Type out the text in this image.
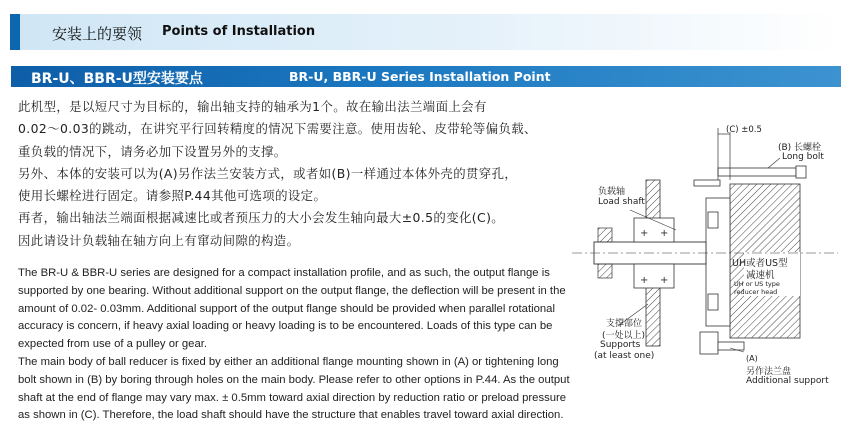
安装上的要领 Points of Installation
BR-U、BBR-U型安装要点	BR-U, BBR-U Series Installation Point

此机型，是以短尺寸为目标的，输出轴支持的轴承为1个。故在输出法兰端面上会有

0.02～0.03的跳动，在讲究平行回转精度的情况下需要注意。使用齿轮、皮带轮等偏负载、

重负载的情况下，请务必加下设置另外的支撑。

另外、本体的安装可以为(A)另作法兰安装方式，或者如(B)一样通过本体外壳的贯穿孔，

使用长螺栓进行固定。请参照P.44其他可选项的设定。

再者，输出轴法兰端面根据减速比或者预压力的大小会发生轴向最大±0.5的变化(C)。

因此请设计负载轴在轴方向上有窜动间隙的构造。

The BR-U & BBR-U series are designed for a compact installation profile, and as such, the output flange is

supported by one bearing. Without additional support on the output flange, the deflection will be present in the

amount of 0.02- 0.03mm. Additional support of the output flange should be provided when parallel rotational

accuracy is concern, if heavy axial loading or heavy loading is to be encountered. Loads of this type can be

expected from use of a pulley or gear.

The main body of ball reducer is fixed by either an additional flange mounting shown in (A) or tightening long

bolt shown in (B) by boring through holes on the main body. Please refer to other options in P.44. As the output

shaft at the end of flange may vary max. ± 0.5mm toward axial direction by reduction ratio or preload pressure

as shown in (C). Therefore, the load shaft should have the structure that enables travel toward axial direction.

+ +
+ +
(C) ±0.5
(B) 长螺栓
Long bolt
负载轴
Load shaft
UH或者US型
减速机
UH or US type
reducer head
支撑部位
(一处以上)
Supports
(at least one)	(A)
另作法兰盘
Additional support
